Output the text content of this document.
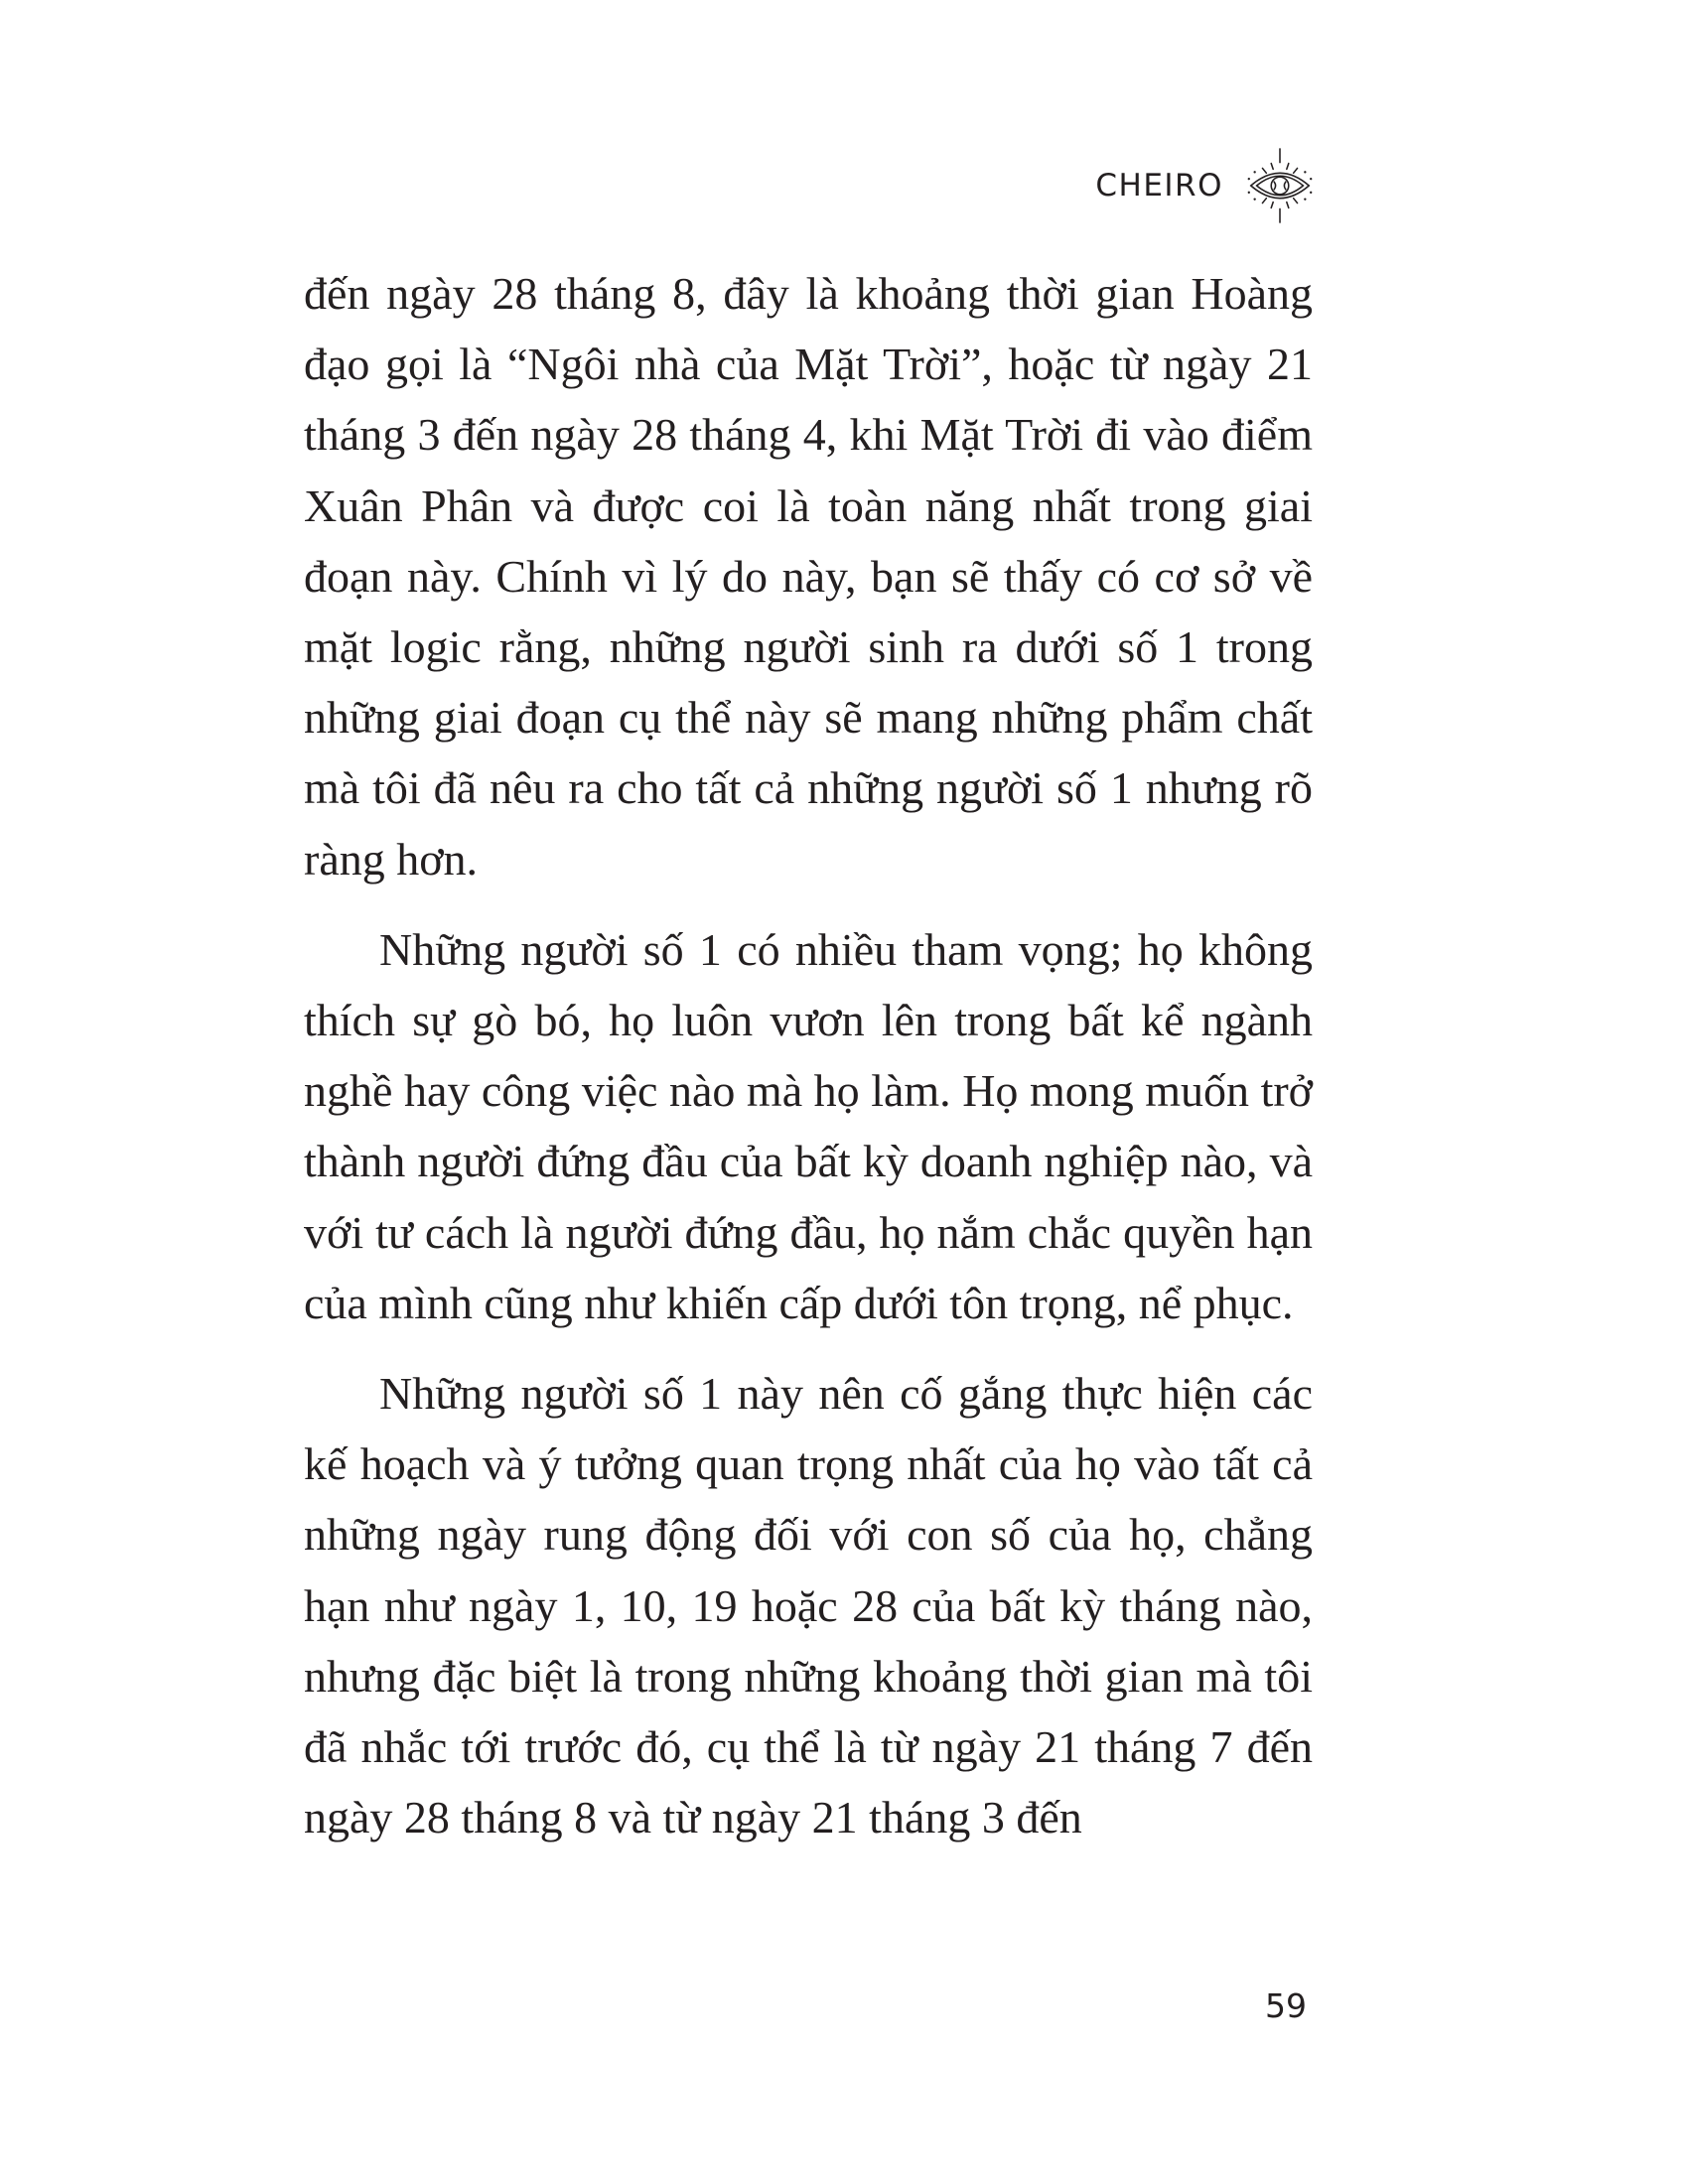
CHEIRO

đến ngày 28 tháng 8, đây là khoảng thời gian Hoàng đạo gọi là “Ngôi nhà của Mặt Trời”, hoặc từ ngày 21 tháng 3 đến ngày 28 tháng 4, khi Mặt Trời đi vào điểm Xuân Phân và được coi là toàn năng nhất trong giai đoạn này. Chính vì lý do này, bạn sẽ thấy có cơ sở về mặt logic rằng, những người sinh ra dưới số 1 trong những giai đoạn cụ thể này sẽ mang những phẩm chất mà tôi đã nêu ra cho tất cả những người số 1 nhưng rõ ràng hơn.

Những người số 1 có nhiều tham vọng; họ không thích sự gò bó, họ luôn vươn lên trong bất kể ngành nghề hay công việc nào mà họ làm. Họ mong muốn trở thành người đứng đầu của bất kỳ doanh nghiệp nào, và với tư cách là người đứng đầu, họ nắm chắc quyền hạn của mình cũng như khiến cấp dưới tôn trọng, nể phục.

Những người số 1 này nên cố gắng thực hiện các kế hoạch và ý tưởng quan trọng nhất của họ vào tất cả những ngày rung động đối với con số của họ, chẳng hạn như ngày 1, 10, 19 hoặc 28 của bất kỳ tháng nào, nhưng đặc biệt là trong những khoảng thời gian mà tôi đã nhắc tới trước đó, cụ thể là từ ngày 21 tháng 7 đến ngày 28 tháng 8 và từ ngày 21 tháng 3 đến

59
